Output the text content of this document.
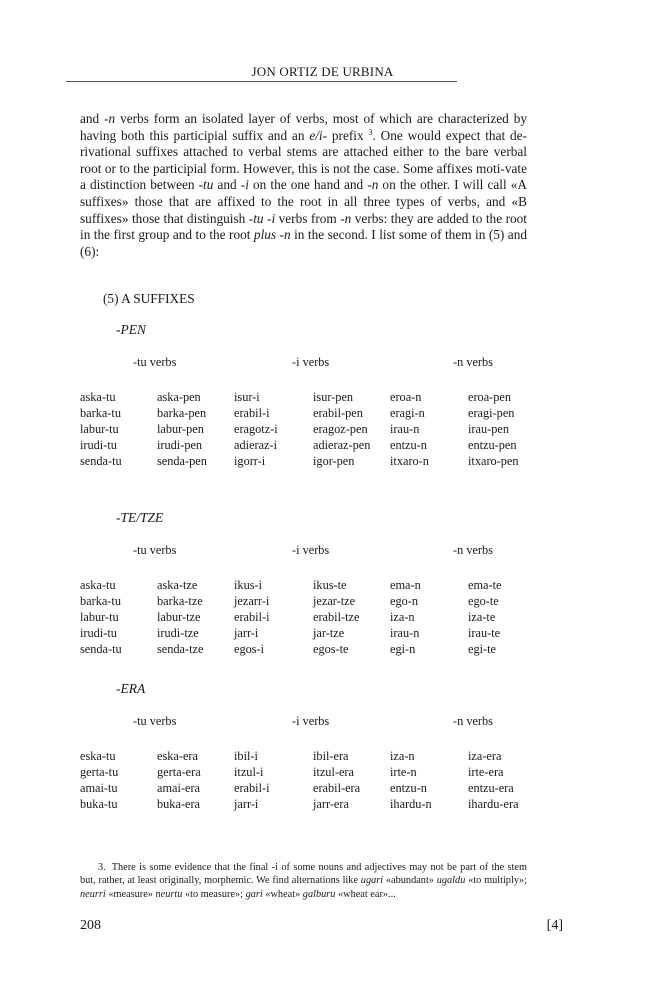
JON ORTIZ DE URBINA

and -n verbs form an isolated layer of verbs, most of which are characterized by having both this participial suffix and an e/i- prefix $^3$. One would expect that de-rivational suffixes attached to verbal stems are attached either to the bare verbal root or to the participial form. However, this is not the case. Some affixes moti-vate a distinction between -tu and -i on the one hand and -n on the other. I will call «A suffixes» those that are affixed to the root in all three types of verbs, and «B suffixes» those that distinguish -tu -i verbs from -n verbs: they are added to the root in the first group and to the root plus -n in the second. I list some of them in (5) and (6):

(5) A SUFFIXES
-PEN
-tu verbs	-i verbs	-n verbs
aska-tu	aska-pen	isur-i	isur-pen	eroa-n	eroa-pen
barka-tu	barka-pen erabil-i	erabil-pen eragi-n	eragi-pen
labur-tu	labur-pen eragotz-i	eragoz-pen irau-n	irau-pen
irudi-tu	irudi-pen	adieraz-i	adieraz-pen entzu-n	entzu-pen
senda-tu	senda-pen igorr-i	igor-pen	itxaro-n	itxaro-pen
-TE/TZE
-tu verbs	-i verbs	-n verbs
aska-tu	aska-tze	ikus-i	ikus-te	ema-n	ema-te
barka-tu	barka-tze	jezarr-i	jezar-tze	ego-n	ego-te
labur-tu	labur-tze	erabil-i	erabil-tze iza-n	iza-te
irudi-tu	irudi-tze	jarr-i	jar-tze	irau-n	irau-te
senda-tu	senda-tze egos-i	egos-te	egi-n	egi-te
-ERA
-tu verbs	-i verbs	-n verbs
eska-tu	eska-era	ibil-i	ibil-era	iza-n	iza-era
gerta-tu	gerta-era	itzul-i	itzul-era	irte-n	irte-era
amai-tu	amai-era	erabil-i	erabil-era entzu-n	entzu-era
buka-tu	buka-era	jarr-i	jarr-era	ihardu-n	ihardu-era
3. There is some evidence that the final -i of some nouns and adjectives may not be part of the stem but, rather, at least originally, morphemic. We find alternations like ugari «abundant» ugaldu «to multiply»; neurri «measure» neurtu «to measure»; gari «wheat» galburu «wheat ear»...
208	[4]
